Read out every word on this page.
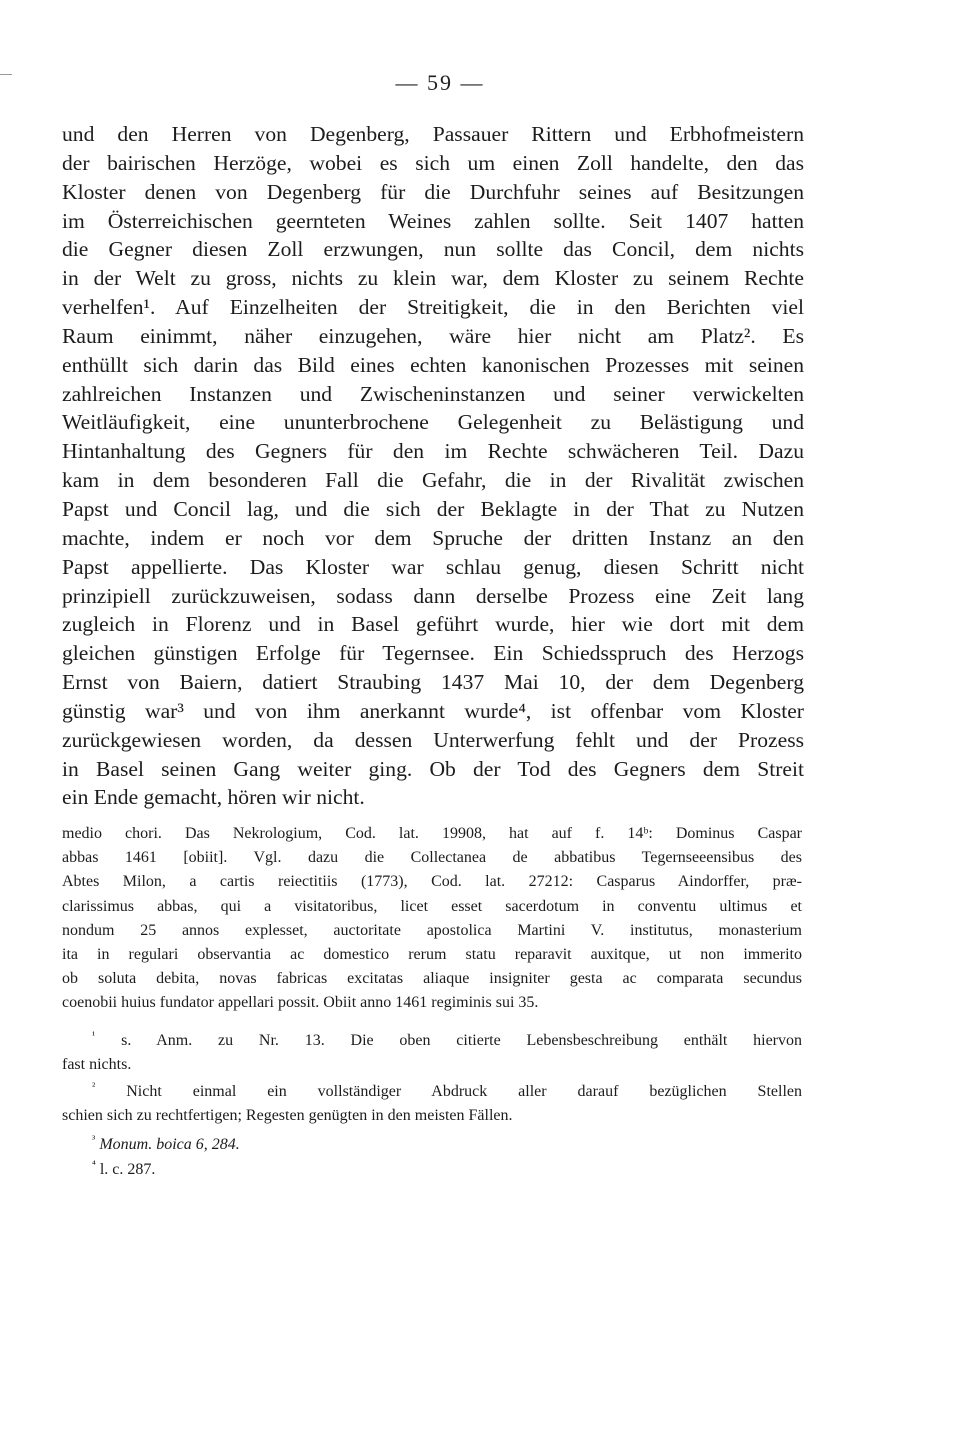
— 59 —
und den Herren von Degenberg, Passauer Rittern und Erbhofmeistern
der bairischen Herzöge, wobei es sich um einen Zoll handelte, den das
Kloster denen von Degenberg für die Durchfuhr seines auf Besitzungen
im Österreichischen geernteten Weines zahlen sollte. Seit 1407 hatten
die Gegner diesen Zoll erzwungen, nun sollte das Concil, dem nichts
in der Welt zu gross, nichts zu klein war, dem Kloster zu seinem Rechte
verhelfen¹. Auf Einzelheiten der Streitigkeit, die in den Berichten viel
Raum einimmt, näher einzugehen, wäre hier nicht am Platz². Es
enthüllt sich darin das Bild eines echten kanonischen Prozesses mit seinen
zahlreichen Instanzen und Zwischeninstanzen und seiner verwickelten
Weitläufigkeit, eine ununterbrochene Gelegenheit zu Belästigung und
Hintanhaltung des Gegners für den im Rechte schwächeren Teil. Dazu
kam in dem besonderen Fall die Gefahr, die in der Rivalität zwischen
Papst und Concil lag, und die sich der Beklagte in der That zu Nutzen
machte, indem er noch vor dem Spruche der dritten Instanz an den
Papst appellierte. Das Kloster war schlau genug, diesen Schritt nicht
prinzipiell zurückzuweisen, sodass dann derselbe Prozess eine Zeit lang
zugleich in Florenz und in Basel geführt wurde, hier wie dort mit dem
gleichen günstigen Erfolge für Tegernsee. Ein Schiedsspruch des Herzogs
Ernst von Baiern, datiert Straubing 1437 Mai 10, der dem Degenberg
günstig war³ und von ihm anerkannt wurde⁴, ist offenbar vom Kloster
zurückgewiesen worden, da dessen Unterwerfung fehlt und der Prozess
in Basel seinen Gang weiter ging. Ob der Tod des Gegners dem Streit
ein Ende gemacht, hören wir nicht.
medio chori. Das Nekrologium, Cod. lat. 19908, hat auf f. 14ᵇ: Dominus Caspar
abbas 1461 [obiit]. Vgl. dazu die Collectanea de abbatibus Tegernseeensibus des
Abtes Milon, a cartis reiectitiis (1773), Cod. lat. 27212: Casparus Aindorffer, præ-
clarissimus abbas, qui a visitatoribus, licet esset sacerdotum in conventu ultimus et
nondum 25 annos explesset, auctoritate apostolica Martini V. institutus, monasterium
ita in regulari observantia ac domestico rerum statu reparavit auxitque, ut non immerito
ob soluta debita, novas fabricas excitatas aliaque insigniter gesta ac comparata secundus
coenobii huius fundator appellari possit. Obiit anno 1461 regiminis sui 35.
$^{^1}$ s. Anm. zu Nr. 13. Die oben citierte Lebensbeschreibung enthält hiervon
fast nichts.
$^{^2}$ Nicht einmal ein vollständiger Abdruck aller darauf bezüglichen Stellen
schien sich zu rechtfertigen; Regesten genügten in den meisten Fällen.
$^{^3}$ Monum. boica 6, 284.
$^{^4}$ l. c. 287.
